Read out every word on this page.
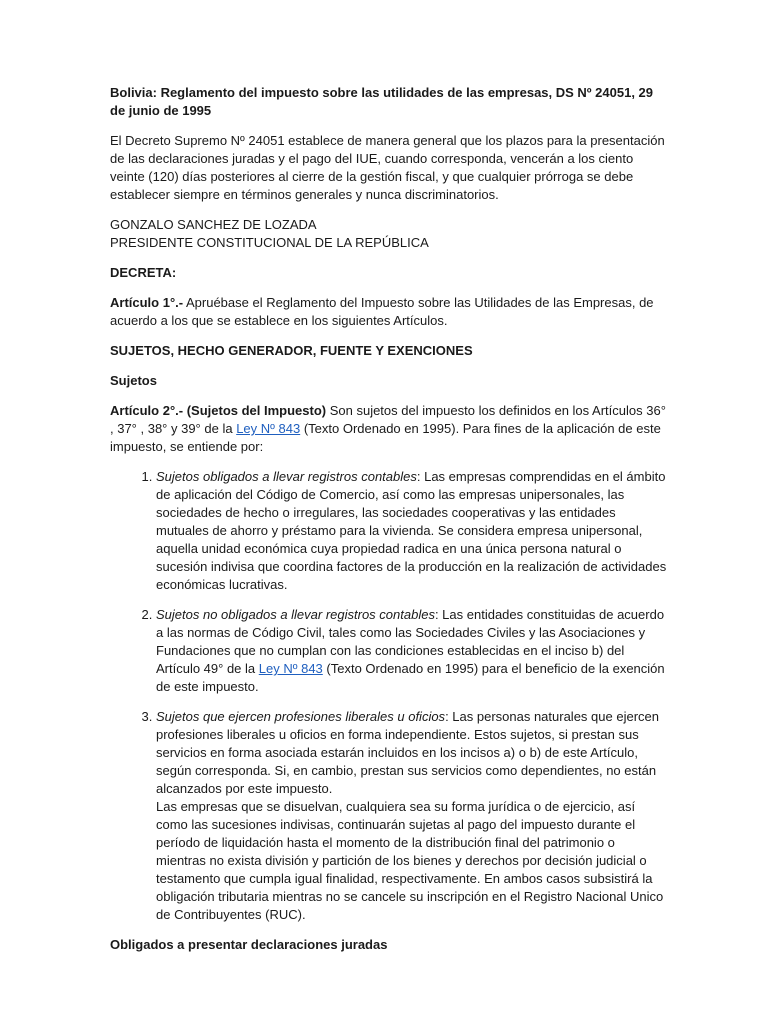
Bolivia: Reglamento del impuesto sobre las utilidades de las empresas, DS Nº 24051, 29 de junio de 1995

El Decreto Supremo Nº 24051 establece de manera general que los plazos para la presentación de las declaraciones juradas y el pago del IUE, cuando corresponda, vencerán a los ciento veinte (120) días posteriores al cierre de la gestión fiscal, y que cualquier prórroga se debe establecer siempre en términos generales y nunca discriminatorios.

GONZALO SANCHEZ DE LOZADA
PRESIDENTE CONSTITUCIONAL DE LA REPÚBLICA

DECRETA:

Artículo 1°.- Apruébase el Reglamento del Impuesto sobre las Utilidades de las Empresas, de acuerdo a los que se establece en los siguientes Artículos.

SUJETOS, HECHO GENERADOR, FUENTE Y EXENCIONES

Sujetos

Artículo 2°.- (Sujetos del Impuesto) Son sujetos del impuesto los definidos en los Artículos 36° , 37° , 38° y 39° de la Ley Nº 843 (Texto Ordenado en 1995). Para fines de la aplicación de este impuesto, se entiende por:

1. Sujetos obligados a llevar registros contables: Las empresas comprendidas en el ámbito de aplicación del Código de Comercio, así como las empresas unipersonales, las sociedades de hecho o irregulares, las sociedades cooperativas y las entidades mutuales de ahorro y préstamo para la vivienda. Se considera empresa unipersonal, aquella unidad económica cuya propiedad radica en una única persona natural o sucesión indivisa que coordina factores de la producción en la realización de actividades económicas lucrativas.
2. Sujetos no obligados a llevar registros contables: Las entidades constituidas de acuerdo a las normas de Código Civil, tales como las Sociedades Civiles y las Asociaciones y Fundaciones que no cumplan con las condiciones establecidas en el inciso b) del Artículo 49° de la Ley Nº 843 (Texto Ordenado en 1995) para el beneficio de la exención de este impuesto.
3. Sujetos que ejercen profesiones liberales u oficios: Las personas naturales que ejercen profesiones liberales u oficios en forma independiente. Estos sujetos, si prestan sus servicios en forma asociada estarán incluidos en los incisos a) o b) de este Artículo, según corresponda. Si, en cambio, prestan sus servicios como dependientes, no están alcanzados por este impuesto.
Las empresas que se disuelvan, cualquiera sea su forma jurídica o de ejercicio, así como las sucesiones indivisas, continuarán sujetas al pago del impuesto durante el período de liquidación hasta el momento de la distribución final del patrimonio o mientras no exista división y partición de los bienes y derechos por decisión judicial o testamento que cumpla igual finalidad, respectivamente. En ambos casos subsistirá la obligación tributaria mientras no se cancele su inscripción en el Registro Nacional Unico de Contribuyentes (RUC).

Obligados a presentar declaraciones juradas
